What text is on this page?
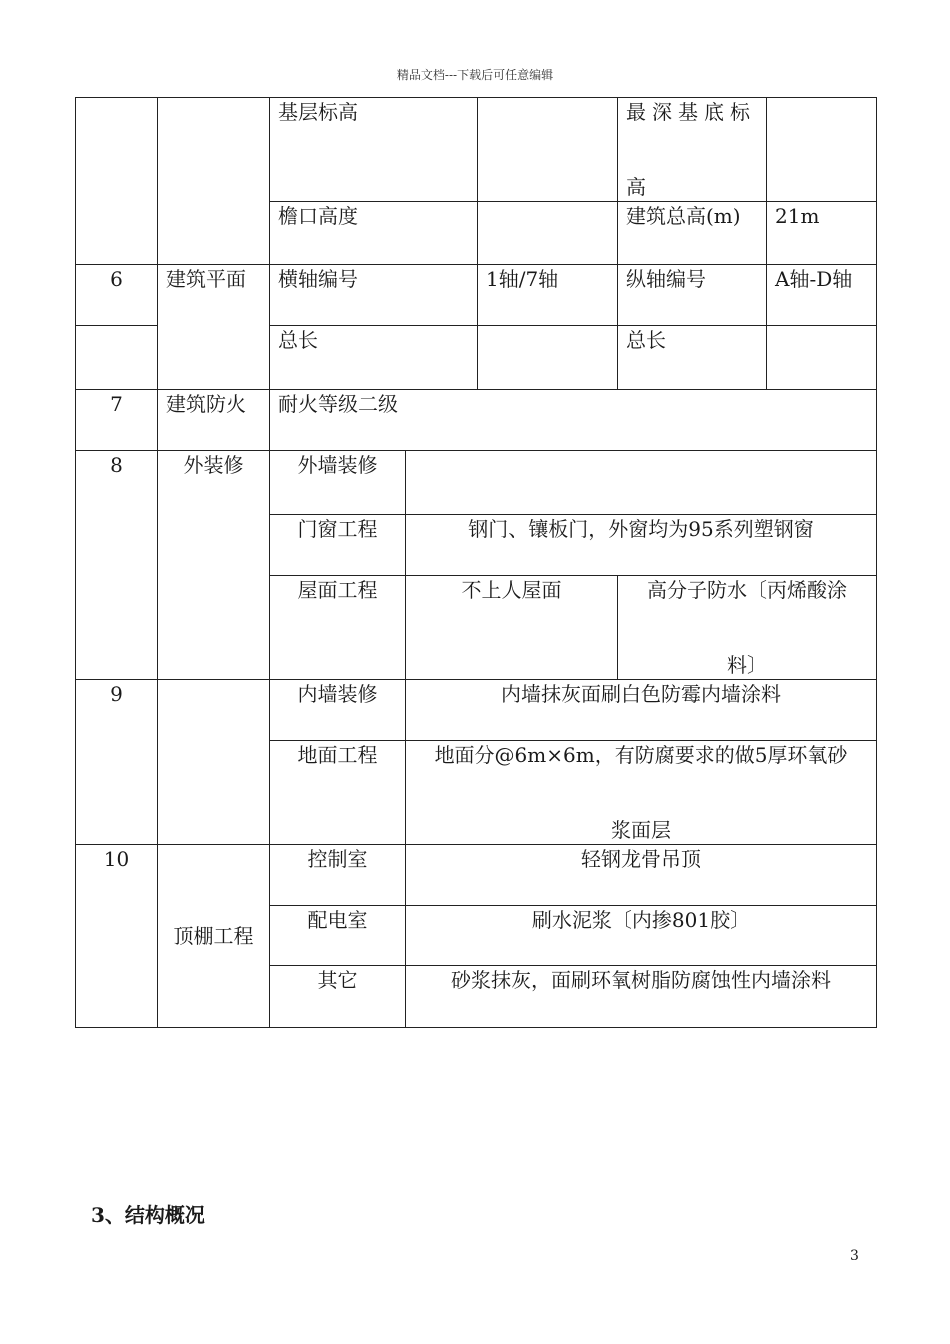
精品文档---下载后可任意编辑
		基层标高			最深基底标
高	

		檐口高度			建筑总高(m)	21m
6	建筑平面	横轴编号		1轴/7轴	纵轴编号	A轴-D轴
		总长			总长	
7	建筑防火	耐火等级二级				
8	外装修	外墙装修				
		门窗工程	钢门、镶板门，外窗均为95系列塑钢窗			
		屋面工程	不上人屋面		高分子防水〔丙烯酸涂
料〕	

9		内墙装修	内墙抹灰面刷白色防霉内墙涂料			
		地面工程	地面分@6m×6m，有防腐要求的做5厚环氧砂
浆面层			

10	顶棚工程	控制室	轻钢龙骨吊顶			
		配电室	刷水泥浆〔内掺801胶〕			
		其它	砂浆抹灰，面刷环氧树脂防腐蚀性内墙涂料			
3、结构概况
3
